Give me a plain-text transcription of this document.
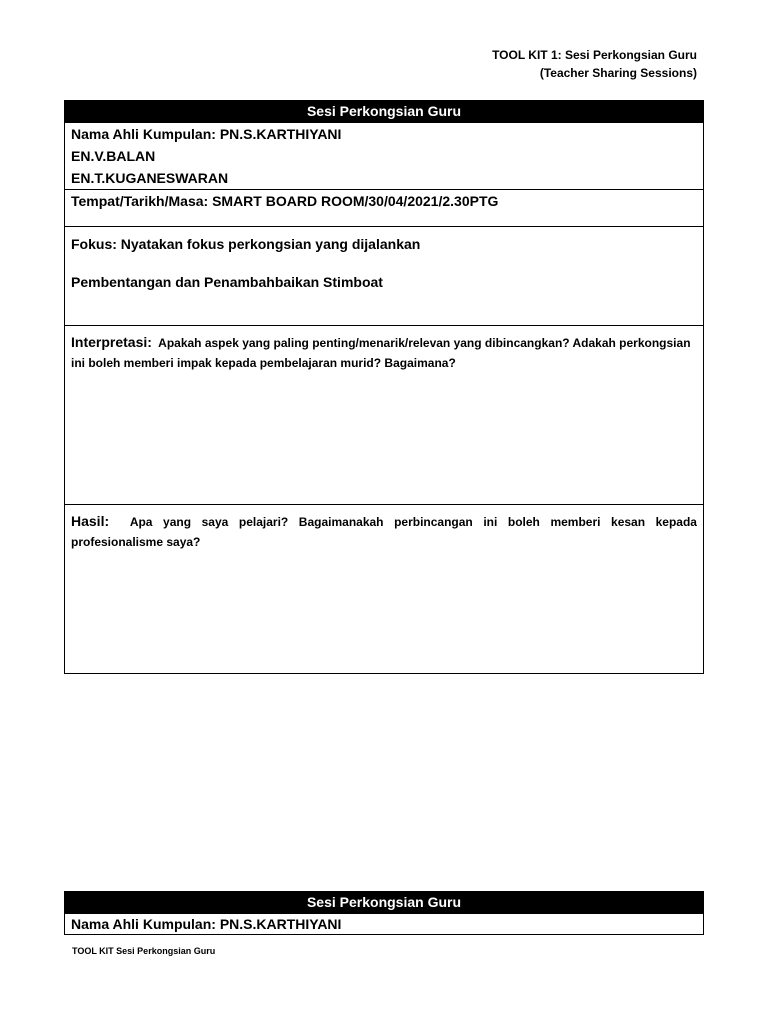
TOOL KIT 1: Sesi Perkongsian Guru
(Teacher Sharing Sessions)
Sesi Perkongsian Guru
Nama Ahli Kumpulan: PN.S.KARTHIYANI
EN.V.BALAN
EN.T.KUGANESWARAN
Tempat/Tarikh/Masa: SMART BOARD ROOM/30/04/2021/2.30PTG
Fokus: Nyatakan fokus perkongsian yang dijalankan
Pembentangan dan Penambahbaikan Stimboat
Interpretasi: Apakah aspek yang paling penting/menarik/relevan yang dibincangkan? Adakah perkongsian ini boleh memberi impak kepada pembelajaran murid? Bagaimana?
Hasil: Apa yang saya pelajari? Bagaimanakah perbincangan ini boleh memberi kesan kepada profesionalisme saya?
Sesi Perkongsian Guru
Nama Ahli Kumpulan: PN.S.KARTHIYANI
TOOL KIT Sesi Perkongsian Guru
